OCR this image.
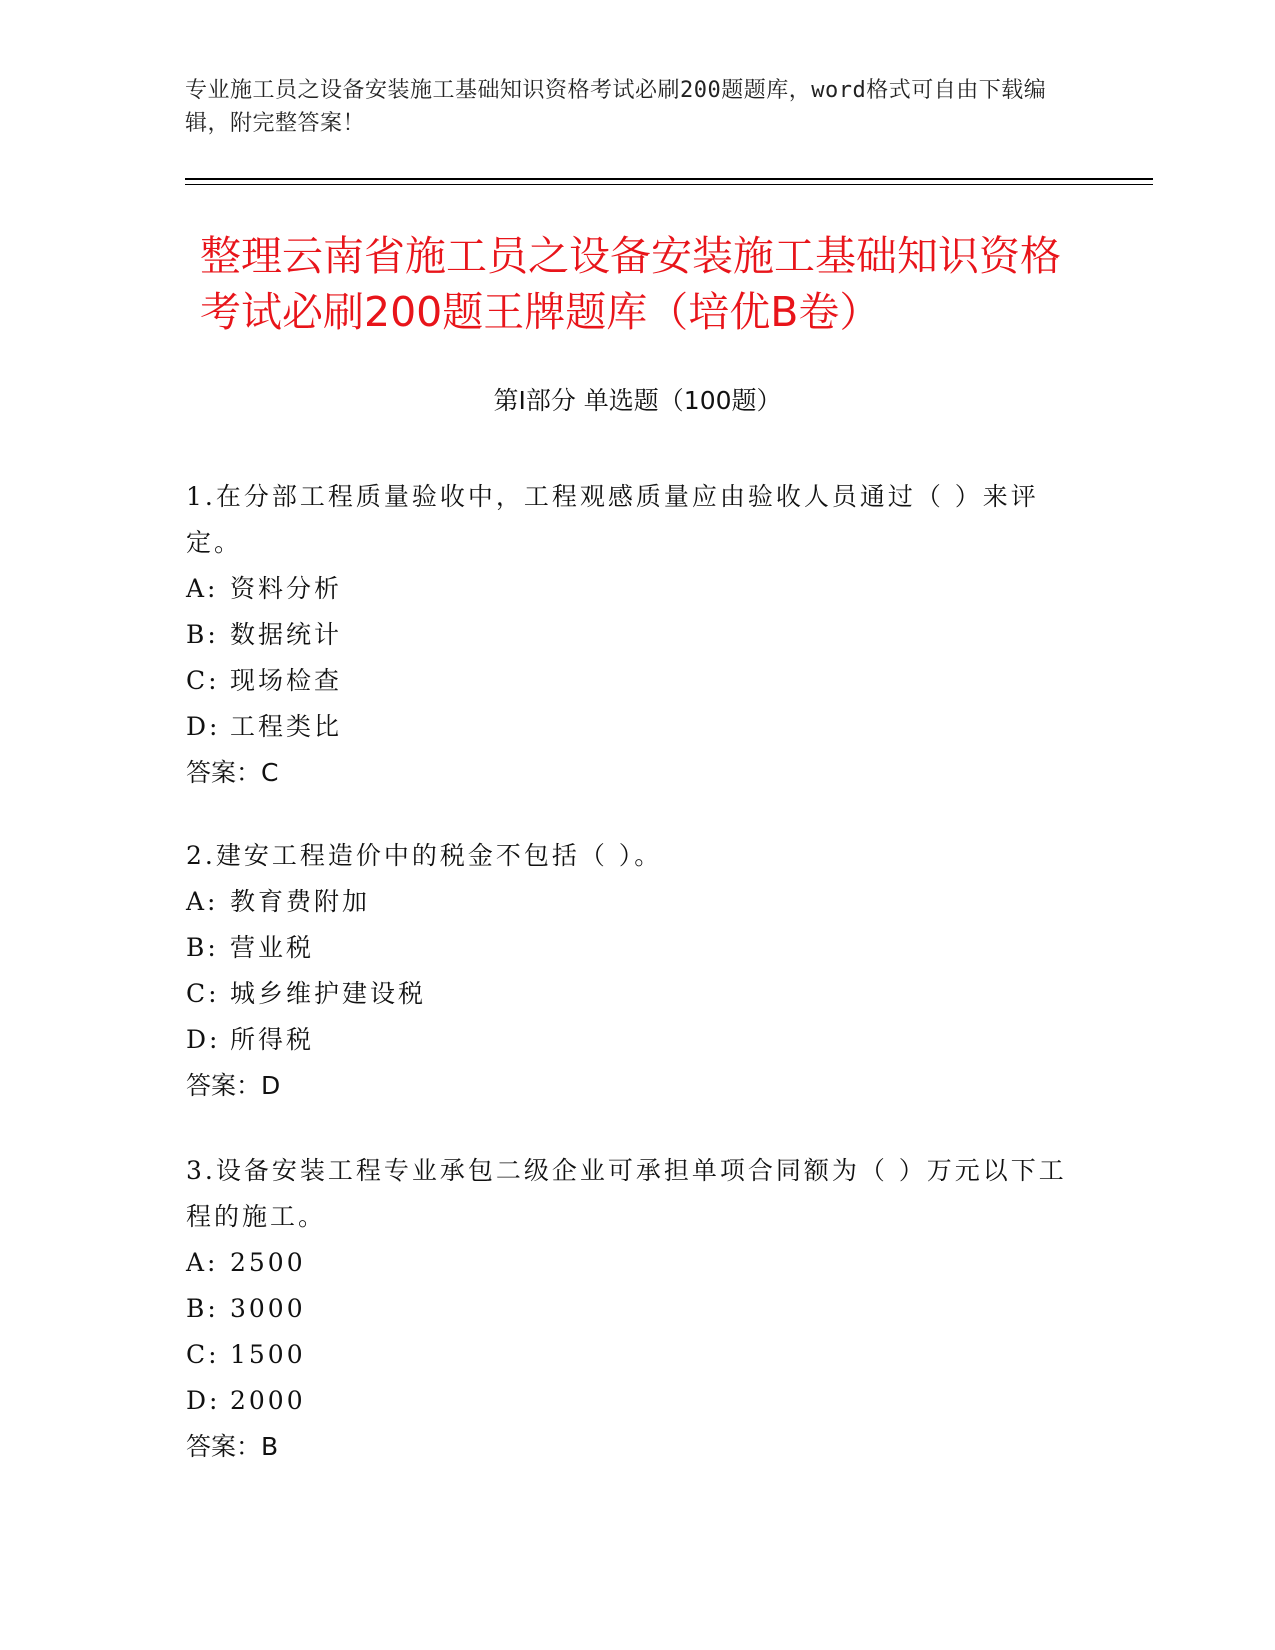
专业施工员之设备安装施工基础知识资格考试必刷200题题库，word格式可自由下载编辑，附完整答案！
整理云南省施工员之设备安装施工基础知识资格考试必刷200题王牌题库（培优B卷）
第I部分 单选题（100题）

1.在分部工程质量验收中，工程观感质量应由验收人员通过（ ）来评定。

A: 资料分析
B: 数据统计
C: 现场检查
D: 工程类比
答案：C

2.建安工程造价中的税金不包括（ ）。

A: 教育费附加
B: 营业税
C: 城乡维护建设税
D: 所得税
答案：D

3.设备安装工程专业承包二级企业可承担单项合同额为（ ）万元以下工程的施工。

A: 2500
B: 3000
C: 1500
D: 2000
答案：B
